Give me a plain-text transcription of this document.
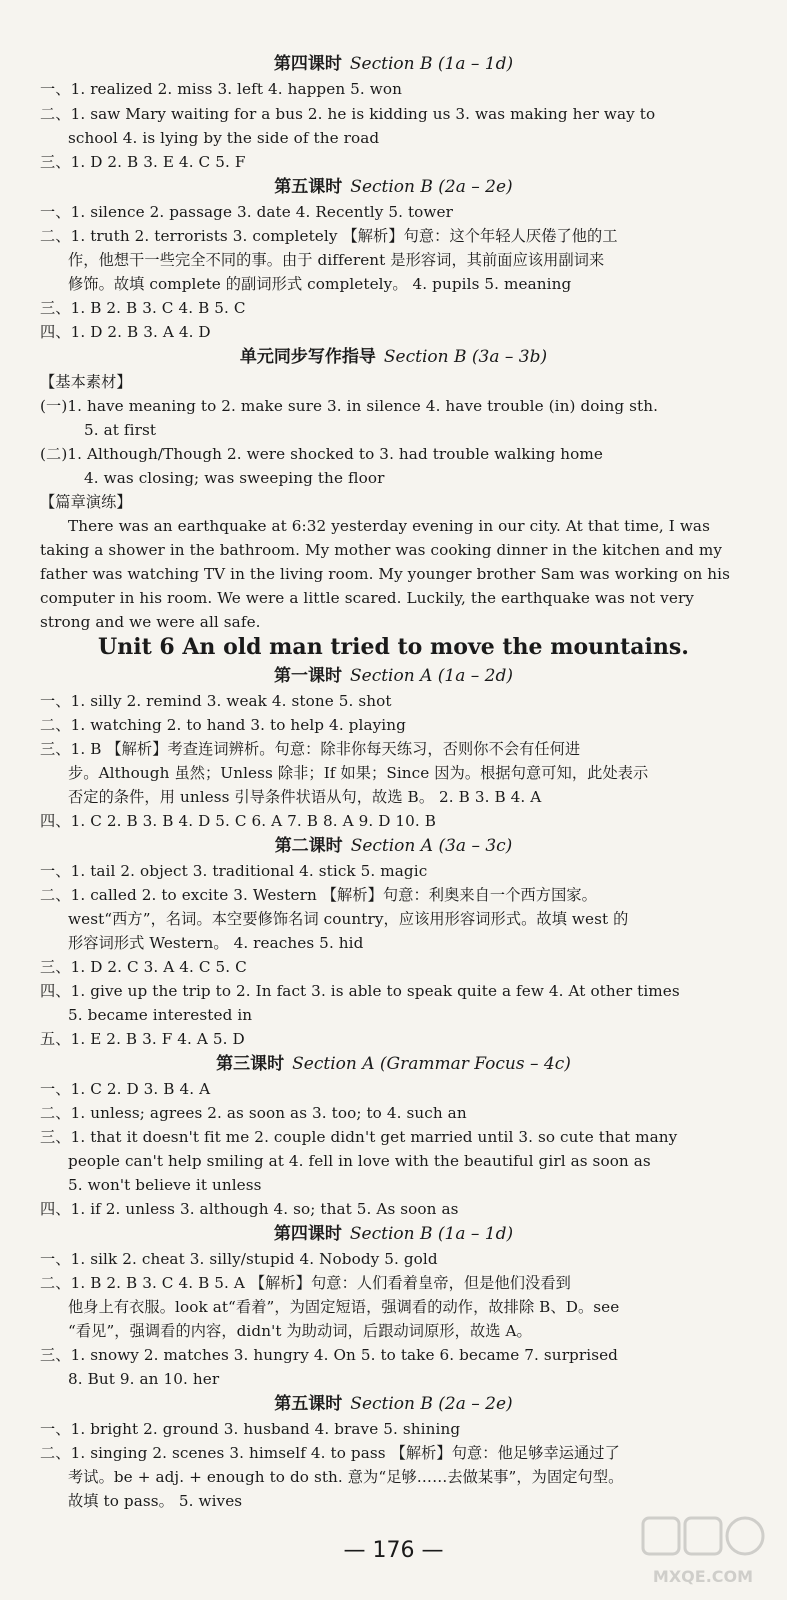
第四课时 Section B (1a – 1d)
一、1. realized 2. miss 3. left 4. happen 5. won
二、1. saw Mary waiting for a bus 2. he is kidding us 3. was making her way to
school 4. is lying by the side of the road
三、1. D 2. B 3. E 4. C 5. F
第五课时 Section B (2a – 2e)
一、1. silence 2. passage 3. date 4. Recently 5. tower
二、1. truth 2. terrorists 3. completely 【解析】句意：这个年轻人厌倦了他的工
作，他想干一些完全不同的事。由于 different 是形容词，其前面应该用副词来
修饰。故填 complete 的副词形式 completely。 4. pupils 5. meaning
三、1. B 2. B 3. C 4. B 5. C
四、1. D 2. B 3. A 4. D
单元同步写作指导 Section B (3a – 3b)
【基本素材】
(一)1. have meaning to 2. make sure 3. in silence 4. have trouble (in) doing sth.
5. at first
(二)1. Although/Though 2. were shocked to 3. had trouble walking home
4. was closing; was sweeping the floor
【篇章演练】
There was an earthquake at 6:32 yesterday evening in our city. At that time, I was
taking a shower in the bathroom. My mother was cooking dinner in the kitchen and my
father was watching TV in the living room. My younger brother Sam was working on his
computer in his room. We were a little scared. Luckily, the earthquake was not very
strong and we were all safe.
Unit 6 An old man tried to move the mountains.
第一课时 Section A (1a – 2d)
一、1. silly 2. remind 3. weak 4. stone 5. shot
二、1. watching 2. to hand 3. to help 4. playing
三、1. B 【解析】考查连词辨析。句意：除非你每天练习，否则你不会有任何进
步。Although 虽然；Unless 除非；If 如果；Since 因为。根据句意可知，此处表示
否定的条件，用 unless 引导条件状语从句，故选 B。 2. B 3. B 4. A
四、1. C 2. B 3. B 4. D 5. C 6. A 7. B 8. A 9. D 10. B
第二课时 Section A (3a – 3c)
一、1. tail 2. object 3. traditional 4. stick 5. magic
二、1. called 2. to excite 3. Western 【解析】句意：利奥来自一个西方国家。
west“西方”，名词。本空要修饰名词 country，应该用形容词形式。故填 west 的
形容词形式 Western。 4. reaches 5. hid
三、1. D 2. C 3. A 4. C 5. C
四、1. give up the trip to 2. In fact 3. is able to speak quite a few 4. At other times
5. became interested in
五、1. E 2. B 3. F 4. A 5. D
第三课时 Section A (Grammar Focus – 4c)
一、1. C 2. D 3. B 4. A
二、1. unless; agrees 2. as soon as 3. too; to 4. such an
三、1. that it doesn't fit me 2. couple didn't get married until 3. so cute that many
people can't help smiling at 4. fell in love with the beautiful girl as soon as
5. won't believe it unless
四、1. if 2. unless 3. although 4. so; that 5. As soon as
第四课时 Section B (1a – 1d)
一、1. silk 2. cheat 3. silly/stupid 4. Nobody 5. gold
二、1. B 2. B 3. C 4. B 5. A 【解析】句意：人们看着皇帝，但是他们没看到
他身上有衣服。look at“看着”，为固定短语，强调看的动作，故排除 B、D。see
“看见”，强调看的内容，didn't 为助动词，后跟动词原形，故选 A。
三、1. snowy 2. matches 3. hungry 4. On 5. to take 6. became 7. surprised
8. But 9. an 10. her
第五课时 Section B (2a – 2e)
一、1. bright 2. ground 3. husband 4. brave 5. shining
二、1. singing 2. scenes 3. himself 4. to pass 【解析】句意：他足够幸运通过了
考试。be + adj. + enough to do sth. 意为“足够……去做某事”，为固定句型。
故填 to pass。 5. wives
— 176 —
MXQE.COM
